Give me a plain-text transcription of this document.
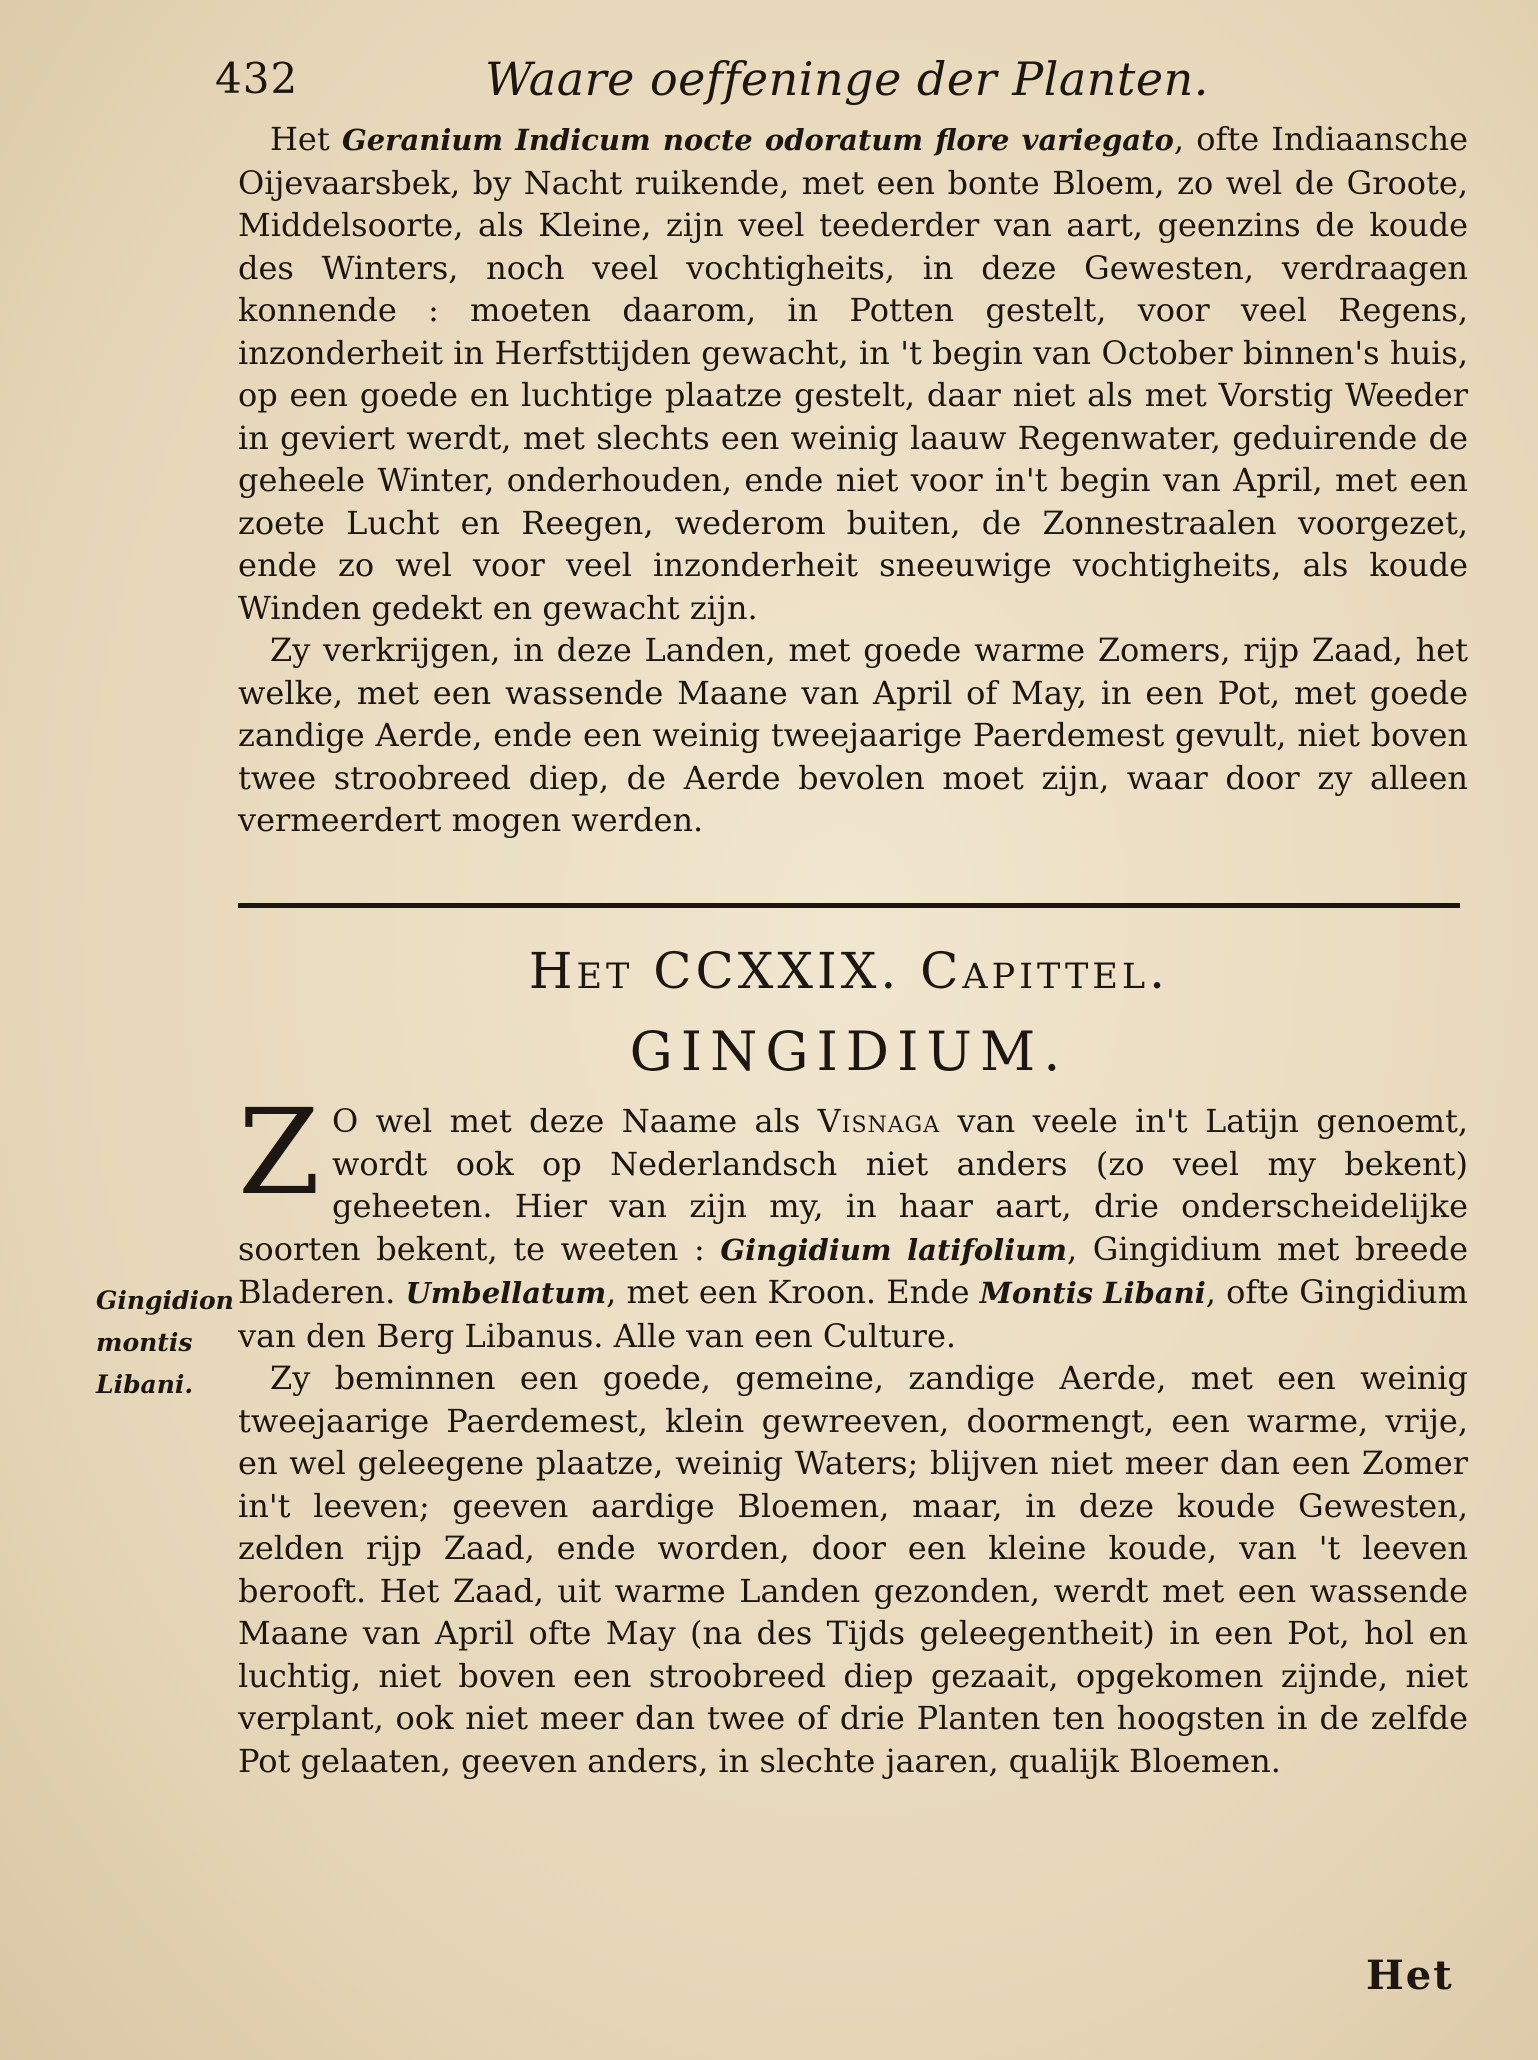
432	Waare oeffeninge der Planten.

Het Geranium Indicum nocte odoratum flore variegato, ofte Indiaansche Oijevaarsbek, by Nacht ruikende, met een bonte Bloem, zo wel de Groote, Middelsoorte, als Kleine, zijn veel teederder van aart, geenzins de koude des Winters, noch veel vochtigheits, in deze Gewesten, verdraagen konnende : moeten daarom, in Potten gestelt, voor veel Regens, inzonderheit in Herfsttijden gewacht, in 't begin van October binnen's huis, op een goede en luchtige plaatze gestelt, daar niet als met Vorstig Weeder in geviert werdt, met slechts een weinig laauw Regenwater, geduirende de geheele Winter, onderhouden, ende niet voor in't begin van April, met een zoete Lucht en Reegen, wederom buiten, de Zonnestraalen voorgezet, ende zo wel voor veel inzonderheit sneeuwige vochtigheits, als koude Winden gedekt en gewacht zijn.

Zy verkrijgen, in deze Landen, met goede warme Zomers, rijp Zaad, het welke, met een wassende Maane van April of May, in een Pot, met goede zandige Aerde, ende een weinig tweejaarige Paerdemest gevult, niet boven twee stroobreed diep, de Aerde bevolen moet zijn, waar door zy alleen vermeerdert mogen werden.

Het CCXXIX. Capittel.
GINGIDIUM.

Z O wel met deze Naame als Visnaga van veele in't Latijn genoemt, wordt ook op Nederlandsch niet anders (zo veel my bekent) geheeten. Hier van zijn my, in haar aart, drie onderscheidelijke soorten bekent, te weeten : Gingidium latifolium, Gingidium met breede Bladeren. Umbellatum, met een Kroon. Ende Montis Libani, ofte Gingidium van den Berg Libanus. Alle van een Culture.

Zy beminnen een goede, gemeine, zandige Aerde, met een weinig tweejaarige Paerdemest, klein gewreeven, doormengt, een warme, vrije, en wel geleegene plaatze, weinig Waters; blijven niet meer dan een Zomer in't leeven; geeven aardige Bloemen, maar, in deze koude Gewesten, zelden rijp Zaad, ende worden, door een kleine koude, van 't leeven berooft. Het Zaad, uit warme Landen gezonden, werdt met een wassende Maane van April ofte May (na des Tijds geleegentheit) in een Pot, hol en luchtig, niet boven een stroobreed diep gezaait, opgekomen zijnde, niet verplant, ook niet meer dan twee of drie Planten ten hoogsten in de zelfde Pot gelaaten, geeven anders, in slechte jaaren, qualijk Bloemen.

Gingidion montis Libani.
Het
